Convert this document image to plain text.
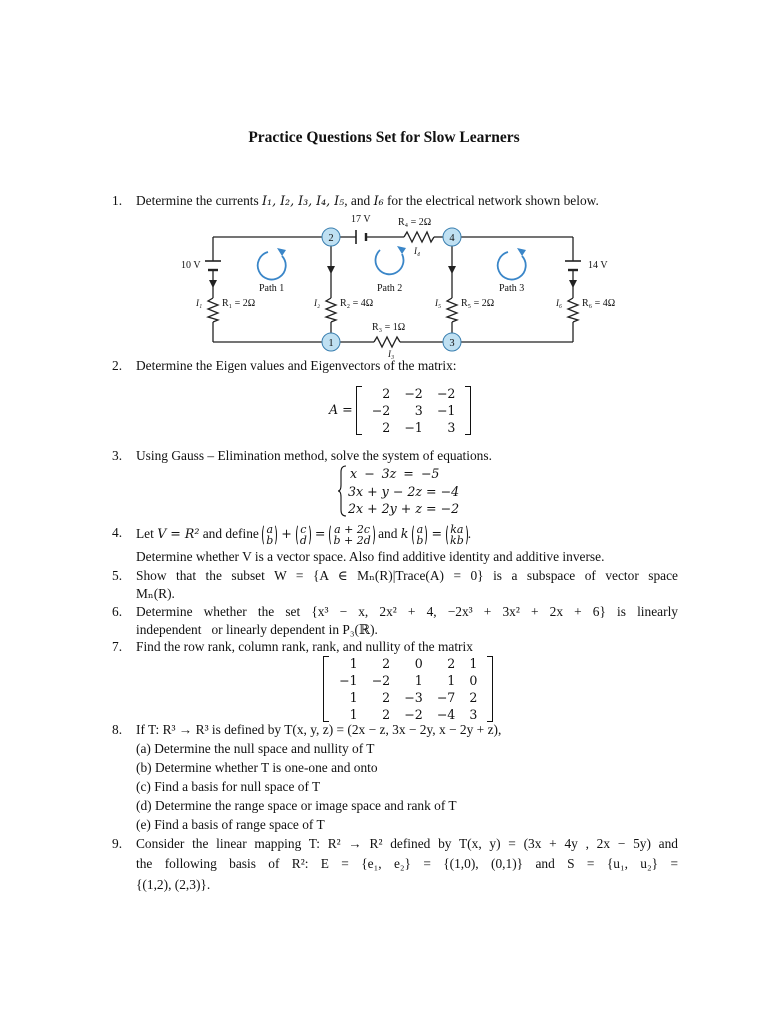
Practice Questions Set for Slow Learners
1.	Determine the currents I₁, I₂, I₃, I₄, I₅, and I₆ for the electrical network shown below.
2	4
1	3
17 V	R₄ = 2Ω
I₄
10 V	14 V
Path 1	Path 2	Path 3
I₁ R₁ = 2Ω	I₂ R₂ = 4Ω	I₅ R₅ = 2Ω	I₆ R₆ = 4Ω
R₃ = 1Ω
I₃
2.	Determine the Eigen values and Eigenvectors of the matrix:
A =
2	−2	−2
−2	3	−1
2	−1	3
3.	Using Gauss – Elimination method, solve the system of equations.
x − 3z = −5
3x + y − 2z = −4
2x + 2y + z = −2
4.	Let V = R² and define a
b + c
d = a + 2c
b + 2d and k a
b = ka
kb .
Determine whether V is a vector space. Also find additive identity and additive inverse.
5.	Show that the subset W = {A ∈ Mₙ(R)|Trace(A) = 0} is a subspace of vector space
Mₙ(R).
6.	Determine whether the set {x³ − x, 2x² + 4, −2x³ + 3x² + 2x + 6} is linearly
independent   or linearly dependent in P₃(ℝ).
7.	Find the row rank, column rank, rank, and nullity of the matrix
1	2	0	2	1
−1	−2	1	1	0
1	2	−3	−7	2
1	2	−2	−4	3
8.	If T: R³ → R³ is defined by T(x, y, z) = (2x − z, 3x − 2y, x − 2y + z),
(a) Determine the null space and nullity of T
(b) Determine whether T is one-one and onto
(c) Find a basis for null space of T
(d) Determine the range space or image space and rank of T
(e) Find a basis of range space of T
9.	Consider the linear mapping T: R² → R² defined by T(x, y) = (3x + 4y , 2x − 5y) and
the following basis of R²: E = {e₁, e₂} = {(1,0), (0,1)} and S = {u₁, u₂} =
{(1,2), (2,3)}.
